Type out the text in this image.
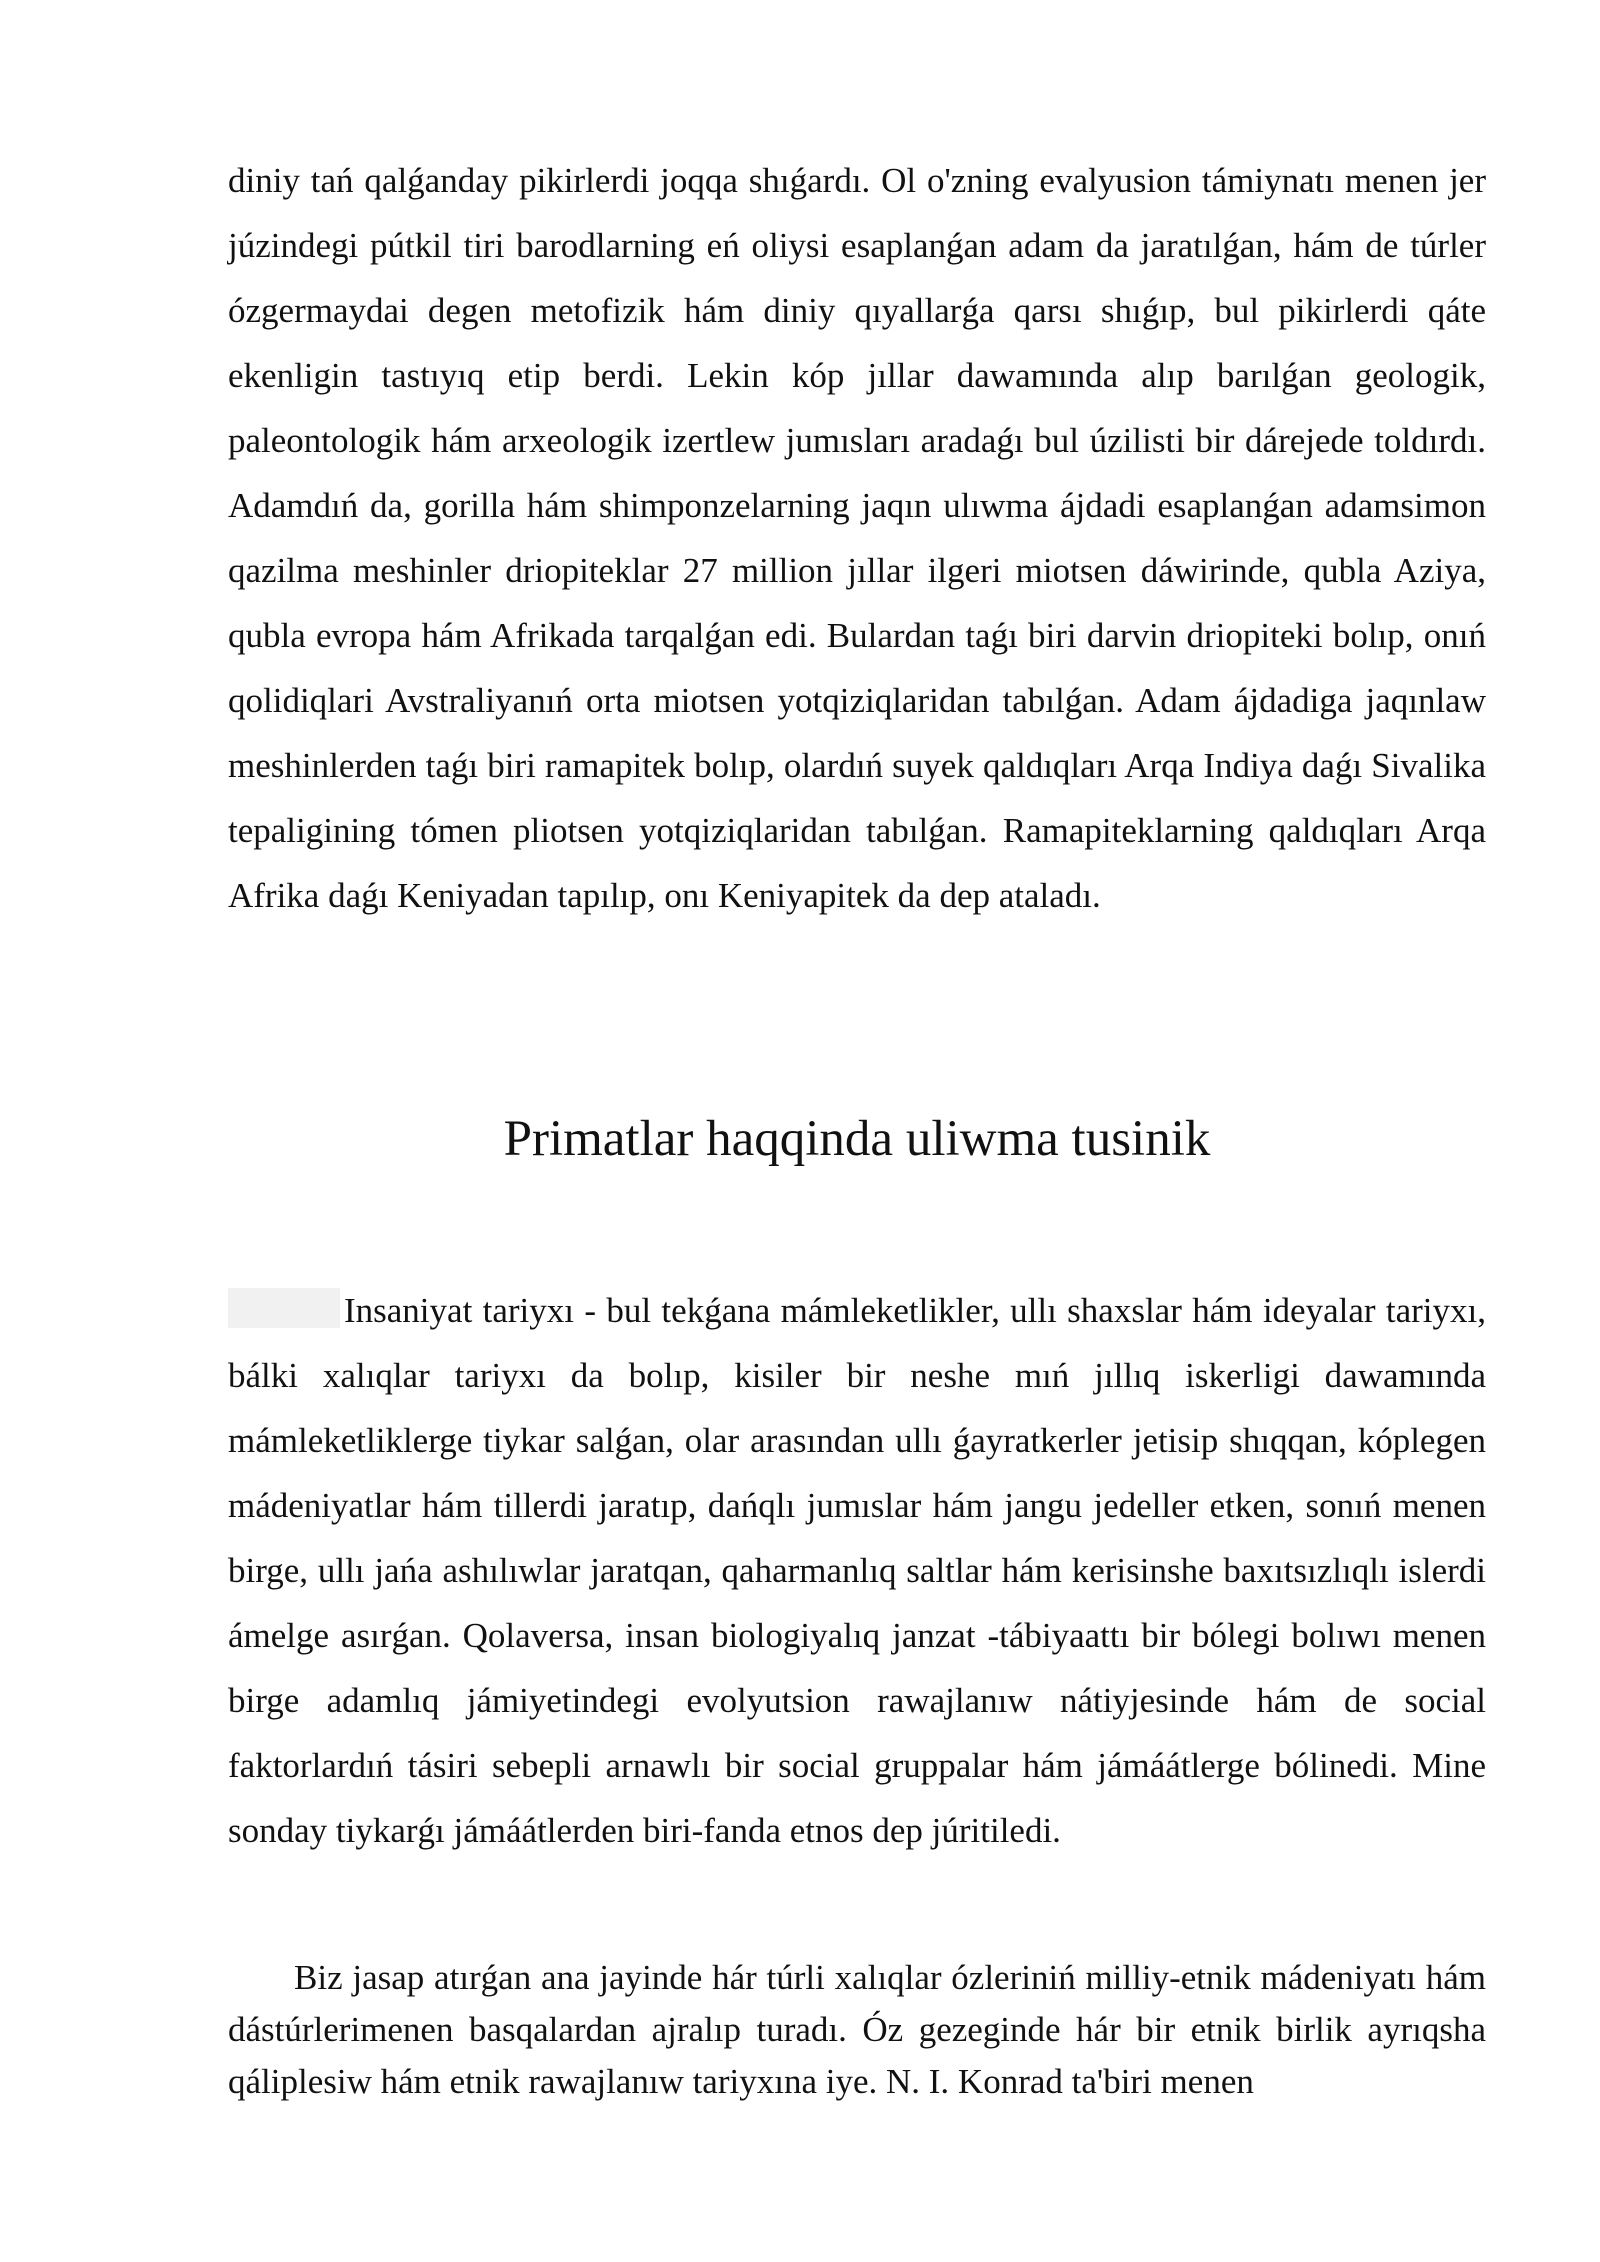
diniy tań qalǵanday pikirlerdi joqqa shıǵardı. Ol o'zning evalyusion támiynatı menen jer júzindegi pútkil tiri barodlarning eń oliysi esaplanǵan adam da jaratılǵan, hám de túrler ózgermaydai degen metofizik hám diniy qıyallarǵa qarsı shıǵıp, bul pikirlerdi qáte ekenligin tastıyıq etip berdi. Lekin kóp jıllar dawamında alıp barılǵan geologik, paleontologik hám arxeologik izertlew jumısları aradaǵı bul úzilisti bir dárejede toldırdı. Adamdıń da, gorilla hám shimponzelarning jaqın ulıwma ájdadi esaplanǵan adamsimon qazilma meshinler driopiteklar 27 million jıllar ilgeri miotsen dáwirinde, qubla Aziya, qubla evropa hám Afrikada tarqalǵan edi. Bulardan taǵı biri darvin driopiteki bolıp, onıń qolidiqlari Avstraliyanıń orta miotsen yotqiziqlaridan tabılǵan. Adam ájdadiga jaqınlaw meshinlerden taǵı biri ramapitek bolıp, olardıń suyek qaldıqları Arqa Indiya daǵı Sivalika tepaligining tómen pliotsen yotqiziqlaridan tabılǵan. Ramapiteklarning qaldıqları Arqa Afrika daǵı Keniyadan tapılıp, onı Keniyapitek da dep ataladı.

Primatlar haqqinda uliwma tusinik

Insaniyat tariyxı - bul tekǵana mámleketlikler, ullı shaxslar hám ideyalar tariyxı, bálki xalıqlar tariyxı da bolıp, kisiler bir neshe mıń jıllıq iskerligi dawamında mámleketliklerge tiykar salǵan, olar arasından ullı ǵayratkerler jetisip shıqqan, kóplegen mádeniyatlar hám tillerdi jaratıp, dańqlı jumıslar hám jangu jedeller etken, sonıń menen birge, ullı jańa ashılıwlar jaratqan, qaharmanlıq saltlar hám kerisinshe baxıtsızlıqlı islerdi ámelge asırǵan. Qolaversa, insan biologiyalıq janzat -tábiyaattı bir bólegi bolıwı menen birge adamlıq jámiyetindegi evolyutsion rawajlanıw nátiyjesinde hám de social faktorlardıń tásiri sebepli arnawlı bir social gruppalar hám jámáátlerge bólinedi. Mine sonday tiykarǵı jámáátlerden biri-fanda etnos dep júritiledi.

Biz jasap atırǵan ana jayinde hár túrli xalıqlar ózleriniń milliy-etnik mádeniyatı hám dástúrlerimenen basqalardan ajralıp turadı. Óz gezeginde hár bir etnik birlik ayrıqsha qáliplesiw hám etnik rawajlanıw tariyxına iye. N. I. Konrad ta'biri menen
